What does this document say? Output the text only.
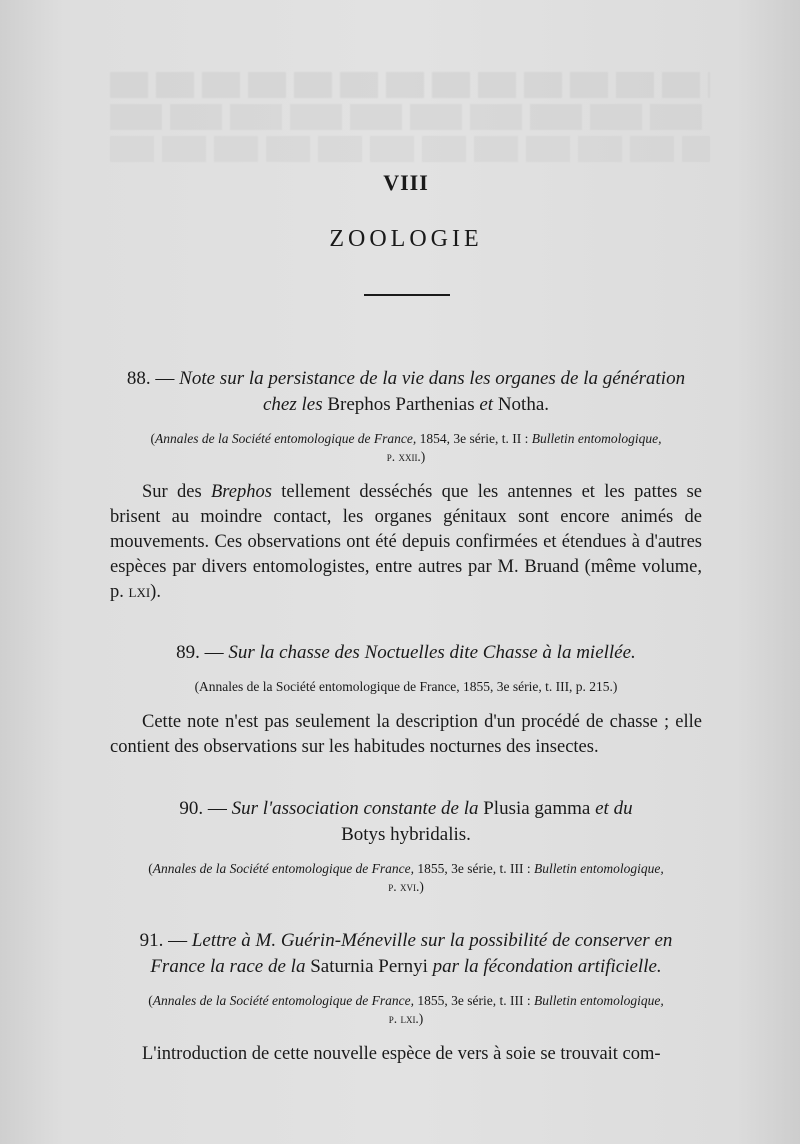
VIII
ZOOLOGIE
88. — Note sur la persistance de la vie dans les organes de la génération
chez les Brephos Parthenias et Notha.
(Annales de la Société entomologique de France, 1854, 3e série, t. II : Bulletin entomologique,
p. xxii.)
Sur des Brephos tellement desséchés que les antennes et les pattes se brisent au moindre contact, les organes génitaux sont encore animés de mouvements. Ces observations ont été depuis confirmées et étendues à d'autres espèces par divers entomologistes, entre autres par M. Bruand (même volume, p. lxi).
89. — Sur la chasse des Noctuelles dite Chasse à la miellée.
(Annales de la Société entomologique de France, 1855, 3e série, t. III, p. 215.)
Cette note n'est pas seulement la description d'un procédé de chasse ; elle contient des observations sur les habitudes nocturnes des insectes.
90. — Sur l'association constante de la Plusia gamma et du
Botys hybridalis.
(Annales de la Société entomologique de France, 1855, 3e série, t. III : Bulletin entomologique,
p. xvi.)
91. — Lettre à M. Guérin-Méneville sur la possibilité de conserver en
France la race de la Saturnia Pernyi par la fécondation artificielle.
(Annales de la Société entomologique de France, 1855, 3e série, t. III : Bulletin entomologique,
p. lxi.)
L'introduction de cette nouvelle espèce de vers à soie se trouvait com-
